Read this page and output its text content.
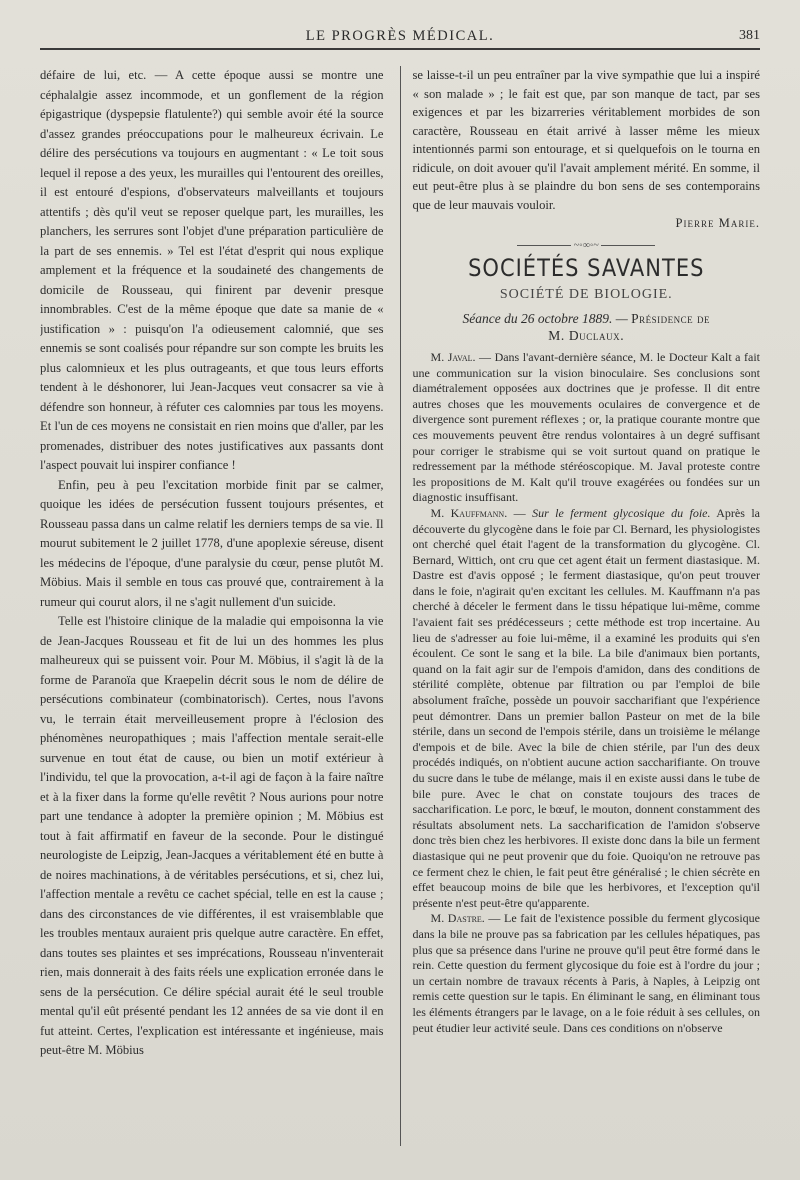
LE PROGRÈS MÉDICAL.	381

défaire de lui, etc. — A cette époque aussi se montre une céphalalgie assez incommode, et un gonflement de la région épigastrique (dyspepsie flatulente?) qui semble avoir été la source d'assez grandes préoccupations pour le malheureux écrivain. Le délire des persécutions va toujours en augmentant : « Le toit sous lequel il repose a des yeux, les murailles qui l'entourent des oreilles, il est entouré d'espions, d'observateurs malveillants et toujours attentifs ; dès qu'il veut se reposer quelque part, les murailles, les planchers, les serrures sont l'objet d'une préparation particulière de la part de ses ennemis. » Tel est l'état d'esprit qui nous explique amplement et la fréquence et la soudaineté des changements de domicile de Rousseau, qui finirent par devenir presque innombrables. C'est de la même époque que date sa manie de « justification » : puisqu'on l'a odieusement calomnié, que ses ennemis se sont coalisés pour répandre sur son compte les bruits les plus calomnieux et les plus outrageants, et que tous leurs efforts tendent à le déshonorer, lui Jean-Jacques veut consacrer sa vie à défendre son honneur, à réfuter ces calomnies par tous les moyens. Et l'un de ces moyens ne consistait en rien moins que d'aller, par les promenades, distribuer des notes justificatives aux passants dont l'aspect pouvait lui inspirer confiance !

Enfin, peu à peu l'excitation morbide finit par se calmer, quoique les idées de persécution fussent toujours présentes, et Rousseau passa dans un calme relatif les derniers temps de sa vie. Il mourut subitement le 2 juillet 1778, d'une apoplexie séreuse, disent les médecins de l'époque, d'une paralysie du cœur, pense plutôt M. Möbius. Mais il semble en tous cas prouvé que, contrairement à la rumeur qui courut alors, il ne s'agit nullement d'un suicide.

Telle est l'histoire clinique de la maladie qui empoisonna la vie de Jean-Jacques Rousseau et fit de lui un des hommes les plus malheureux qui se puissent voir. Pour M. Möbius, il s'agit là de la forme de Paranoïa que Kraepelin décrit sous le nom de délire de persécutions combinateur (combinatorisch). Certes, nous l'avons vu, le terrain était merveilleusement propre à l'éclosion des phénomènes neuropathiques ; mais l'affection mentale serait-elle survenue en tout état de cause, ou bien un motif extérieur à l'individu, tel que la provocation, a-t-il agi de façon à la faire naître et à la fixer dans la forme qu'elle revêtit ? Nous aurions pour notre part une tendance à adopter la première opinion ; M. Möbius est tout à fait affirmatif en faveur de la seconde. Pour le distingué neurologiste de Leipzig, Jean-Jacques a véritablement été en butte à de noires machinations, à de véritables persécutions, et si, chez lui, l'affection mentale a revêtu ce cachet spécial, telle en est la cause ; dans des circonstances de vie différentes, il est vraisemblable que les troubles mentaux auraient pris quelque autre caractère. En effet, dans toutes ses plaintes et ses imprécations, Rousseau n'inventerait rien, mais donnerait à des faits réels une explication erronée dans le sens de la persécution. Ce délire spécial aurait été le seul trouble mental qu'il eût présenté pendant les 12 années de sa vie dont il en fut atteint. Certes, l'explication est intéressante et ingénieuse, mais peut-être M. Möbius

se laisse-t-il un peu entraîner par la vive sympathie que lui a inspiré « son malade » ; le fait est que, par son manque de tact, par ses exigences et par les bizarreries véritablement morbides de son caractère, Rousseau en était arrivé à lasser même les mieux intentionnés parmi son entourage, et si quelquefois on le tourna en ridicule, on doit avouer qu'il l'avait amplement mérité. En somme, il eut peut-être plus à se plaindre du bon sens de ses contemporains que de leur mauvais vouloir.

Pierre Marie.
~◦∞◦~
SOCIÉTÉS SAVANTES
SOCIÉTÉ DE BIOLOGIE.
Séance du 26 octobre 1889. — Présidence de
M. Duclaux.

M. Javal. — Dans l'avant-dernière séance, M. le Docteur Kalt a fait une communication sur la vision binoculaire. Ses conclusions sont diamétralement opposées aux doctrines que je professe. Il dit entre autres choses que les mouvements oculaires de convergence et de divergence sont purement réflexes ; or, la pratique courante montre que ces mouvements peuvent être rendus volontaires à un degré suffisant pour corriger le strabisme qui se voit surtout quand on pratique le redressement par la méthode stéréoscopique. M. Javal proteste contre les propositions de M. Kalt qu'il trouve exagérées ou fondées sur un diagnostic insuffisant.

M. Kauffmann. — Sur le ferment glycosique du foie. Après la découverte du glycogène dans le foie par Cl. Bernard, les physiologistes ont cherché quel était l'agent de la transformation du glycogène. Cl. Bernard, Wittich, ont cru que cet agent était un ferment diastasique. M. Dastre est d'avis opposé ; le ferment diastasique, qu'on peut trouver dans le foie, n'agirait qu'en excitant les cellules. M. Kauffmann n'a pas cherché à déceler le ferment dans le tissu hépatique lui-même, comme l'avaient fait ses prédécesseurs ; cette méthode est trop incertaine. Au lieu de s'adresser au foie lui-même, il a examiné les produits qui s'en écoulent. Ce sont le sang et la bile. La bile d'animaux bien portants, quand on la fait agir sur de l'empois d'amidon, dans des conditions de stérilité complète, obtenue par filtration ou par l'emploi de bile absolument fraîche, possède un pouvoir saccharifiant que l'expérience peut démontrer. Dans un premier ballon Pasteur on met de la bile stérile, dans un second de l'empois stérile, dans un troisième le mélange d'empois et de bile. Avec la bile de chien stérile, par l'un des deux procédés indiqués, on n'obtient aucune action saccharifiante. On trouve du sucre dans le tube de mélange, mais il en existe aussi dans le tube de bile pure. Avec le chat on constate toujours des traces de saccharification. Le porc, le bœuf, le mouton, donnent constamment des résultats absolument nets. La saccharification de l'amidon s'observe donc très bien chez les herbivores. Il existe donc dans la bile un ferment diastasique qui ne peut provenir que du foie. Quoiqu'on ne retrouve pas ce ferment chez le chien, le fait peut être généralisé ; le chien sécrète en effet beaucoup moins de bile que les herbivores, et l'exception qu'il présente n'est peut-être qu'apparente.

M. Dastre. — Le fait de l'existence possible du ferment glycosique dans la bile ne prouve pas sa fabrication par les cellules hépatiques, pas plus que sa présence dans l'urine ne prouve qu'il peut être formé dans le rein. Cette question du ferment glycosique du foie est à l'ordre du jour ; un certain nombre de travaux récents à Paris, à Naples, à Leipzig ont remis cette question sur le tapis. En éliminant le sang, en éliminant tous les éléments étrangers par le lavage, on a le foie réduit à ses cellules, on peut étudier leur activité seule. Dans ces conditions on n'observe
